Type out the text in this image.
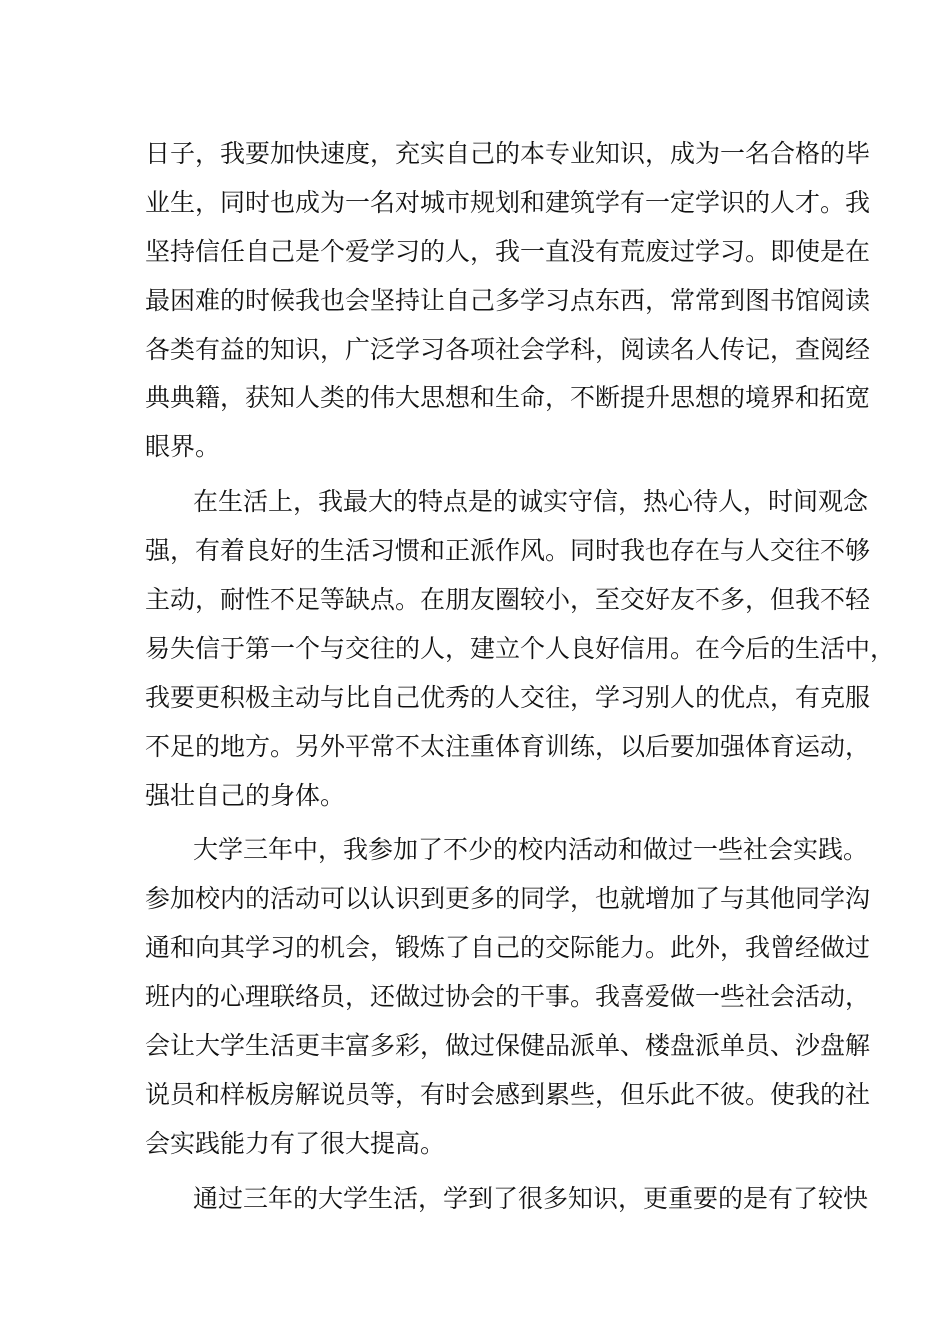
日子，我要加快速度，充实自己的本专业知识，成为一名合格的毕
业生，同时也成为一名对城市规划和建筑学有一定学识的人才。我
坚持信任自己是个爱学习的人，我一直没有荒废过学习。即使是在
最困难的时候我也会坚持让自己多学习点东西，常常到图书馆阅读
各类有益的知识，广泛学习各项社会学科，阅读名人传记，查阅经
典典籍，获知人类的伟大思想和生命，不断提升思想的境界和拓宽
眼界。
在生活上，我最大的特点是的诚实守信，热心待人，时间观念
强，有着良好的生活习惯和正派作风。同时我也存在与人交往不够
主动，耐性不足等缺点。在朋友圈较小，至交好友不多，但我不轻
易失信于第一个与交往的人，建立个人良好信用。在今后的生活中，
我要更积极主动与比自己优秀的人交往，学习别人的优点，有克服
不足的地方。另外平常不太注重体育训练，以后要加强体育运动，
强壮自己的身体。
大学三年中，我参加了不少的校内活动和做过一些社会实践。
参加校内的活动可以认识到更多的同学，也就增加了与其他同学沟
通和向其学习的机会，锻炼了自己的交际能力。此外，我曾经做过
班内的心理联络员，还做过协会的干事。我喜爱做一些社会活动，
会让大学生活更丰富多彩，做过保健品派单、楼盘派单员、沙盘解
说员和样板房解说员等，有时会感到累些，但乐此不彼。使我的社
会实践能力有了很大提高。
通过三年的大学生活，学到了很多知识，更重要的是有了较快
